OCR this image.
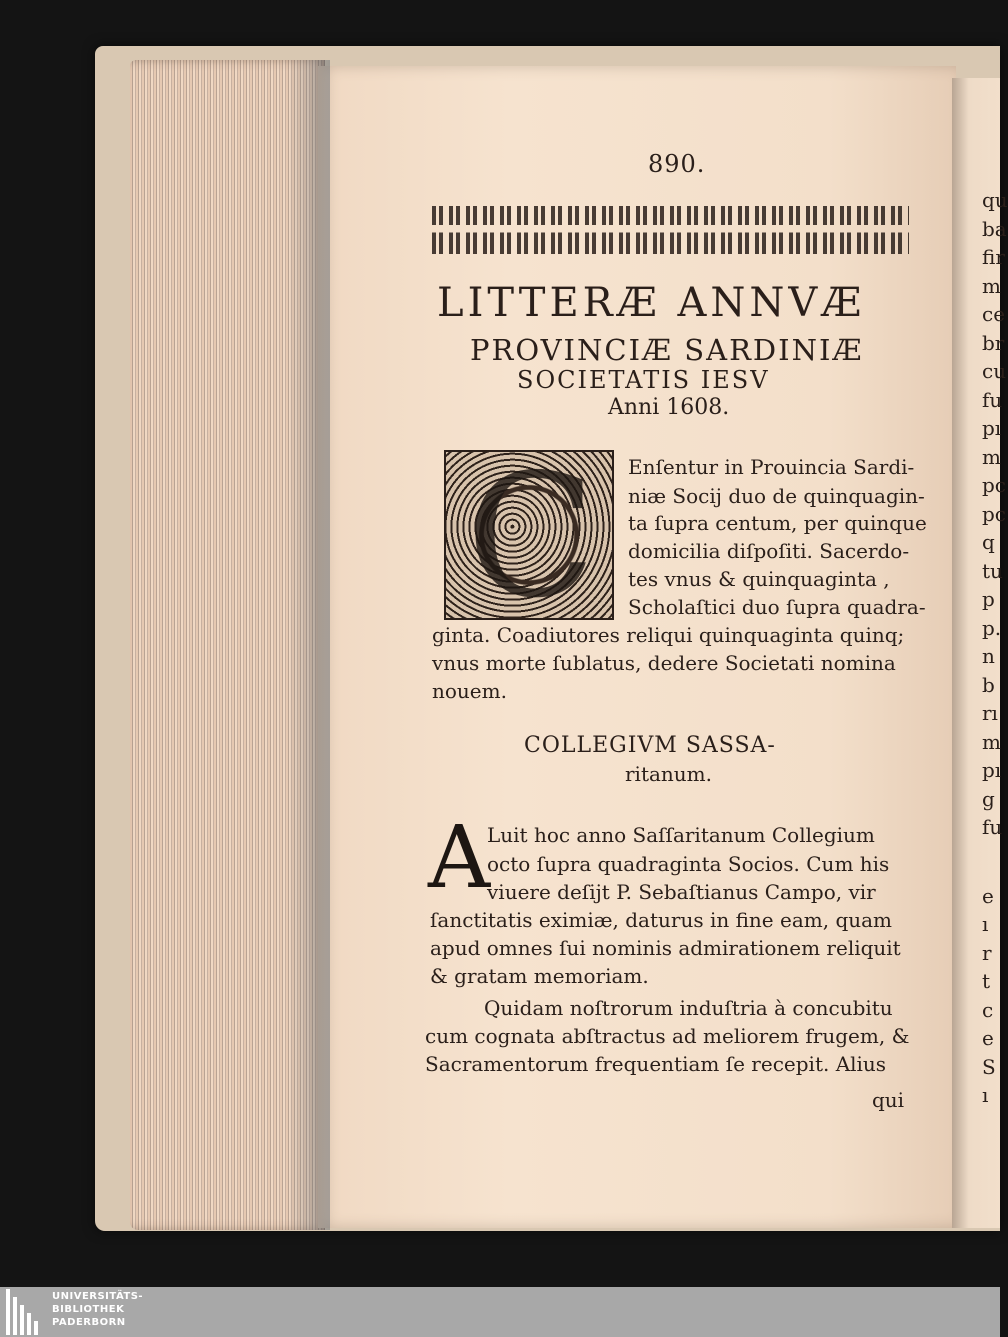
qu
ba
fir
m
ce
br
cu
fu
pı
m
pc
pc
q
tu
p
p.
n
b
rı
m
pı
g
fu
e
ı
r
t
c
e
S
ı
890.
LITTERÆ ANNVÆ
PROVINCIÆ SARDINIÆ
SOCIETATIS IESV
Anni 1608.
C	Enſentur in Prouincia Sardi-
niæ Socij duo de quinquagin-
ta ſupra centum, per quinque
domicilia diſpoſiti. Sacerdo-
tes vnus & quinquaginta ,
Scholaſtici duo ſupra quadra-
ginta. Coadiutores reliqui quinquaginta quinq;
vnus morte ſublatus, dedere Societati nomina
nouem.
COLLEGIVM SASSA-
ritanum.
A
Luit hoc anno Saſſaritanum Collegium
octo ſupra quadraginta Socios. Cum his
viuere deſijt P. Sebaſtianus Campo, vir
ſanctitatis eximiæ, daturus in fine eam, quam
apud omnes ſui nominis admirationem reliquit
& gratam memoriam.
Quidam noſtrorum induſtria à concubitu
cum cognata abſtractus ad meliorem frugem, &
Sacramentorum frequentiam ſe recepit. Alius
qui
UNIVERSITÄTS-
BIBLIOTHEK
PADERBORN
